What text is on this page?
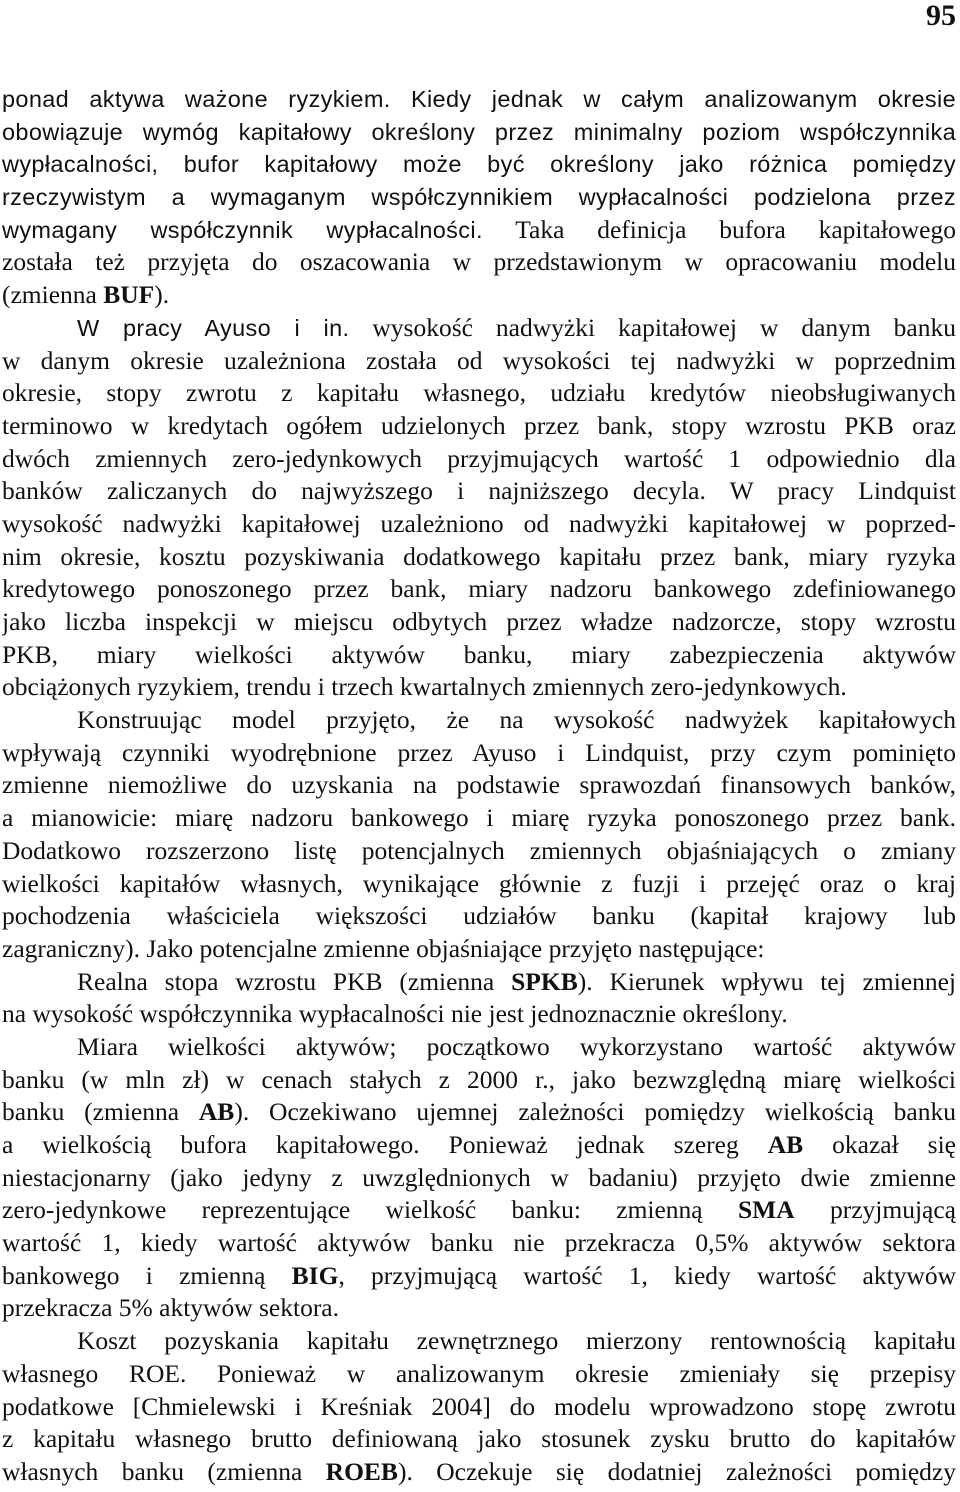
95
ponad aktywa ważone ryzykiem. Kiedy jednak w całym analizowanym okresie
obowiązuje wymóg kapitałowy określony przez minimalny poziom współczynnika
wypłacalności, bufor kapitałowy może być określony jako różnica pomiędzy
rzeczywistym a wymaganym współczynnikiem wypłacalności podzielona przez
wymagany współczynnik wypłacalności. Taka definicja bufora kapitałowego
została też przyjęta do oszacowania w przedstawionym w opracowaniu modelu
(zmienna BUF).
W pracy Ayuso i in. wysokość nadwyżki kapitałowej w danym banku
w danym okresie uzależniona została od wysokości tej nadwyżki w poprzednim
okresie, stopy zwrotu z kapitału własnego, udziału kredytów nieobsługiwanych
terminowo w kredytach ogółem udzielonych przez bank, stopy wzrostu PKB oraz
dwóch zmiennych zero-jedynkowych przyjmujących wartość 1 odpowiednio dla
banków zaliczanych do najwyższego i najniższego decyla. W pracy Lindquist
wysokość nadwyżki kapitałowej uzależniono od nadwyżki kapitałowej w poprzed-
nim okresie, kosztu pozyskiwania dodatkowego kapitału przez bank, miary ryzyka
kredytowego ponoszonego przez bank, miary nadzoru bankowego zdefiniowanego
jako liczba inspekcji w miejscu odbytych przez władze nadzorcze, stopy wzrostu
PKB, miary wielkości aktywów banku, miary zabezpieczenia aktywów
obciążonych ryzykiem, trendu i trzech kwartalnych zmiennych zero-jedynkowych.
Konstruując model przyjęto, że na wysokość nadwyżek kapitałowych
wpływają czynniki wyodrębnione przez Ayuso i Lindquist, przy czym pominięto
zmienne niemożliwe do uzyskania na podstawie sprawozdań finansowych banków,
a mianowicie: miarę nadzoru bankowego i miarę ryzyka ponoszonego przez bank.
Dodatkowo rozszerzono listę potencjalnych zmiennych objaśniających o zmiany
wielkości kapitałów własnych, wynikające głównie z fuzji i przejęć oraz o kraj
pochodzenia właściciela większości udziałów banku (kapitał krajowy lub
zagraniczny). Jako potencjalne zmienne objaśniające przyjęto następujące:
Realna stopa wzrostu PKB (zmienna SPKB). Kierunek wpływu tej zmiennej
na wysokość współczynnika wypłacalności nie jest jednoznacznie określony.
Miara wielkości aktywów; początkowo wykorzystano wartość aktywów
banku (w mln zł) w cenach stałych z 2000 r., jako bezwzględną miarę wielkości
banku (zmienna AB). Oczekiwano ujemnej zależności pomiędzy wielkością banku
a wielkością bufora kapitałowego. Ponieważ jednak szereg AB okazał się
niestacjonarny (jako jedyny z uwzględnionych w badaniu) przyjęto dwie zmienne
zero-jedynkowe reprezentujące wielkość banku: zmienną SMA przyjmującą
wartość 1, kiedy wartość aktywów banku nie przekracza 0,5% aktywów sektora
bankowego i zmienną BIG, przyjmującą wartość 1, kiedy wartość aktywów
przekracza 5% aktywów sektora.
Koszt pozyskania kapitału zewnętrznego mierzony rentownością kapitału
własnego ROE. Ponieważ w analizowanym okresie zmieniały się przepisy
podatkowe [Chmielewski i Kreśniak 2004] do modelu wprowadzono stopę zwrotu
z kapitału własnego brutto definiowaną jako stosunek zysku brutto do kapitałów
własnych banku (zmienna ROEB). Oczekuje się dodatniej zależności pomiędzy
